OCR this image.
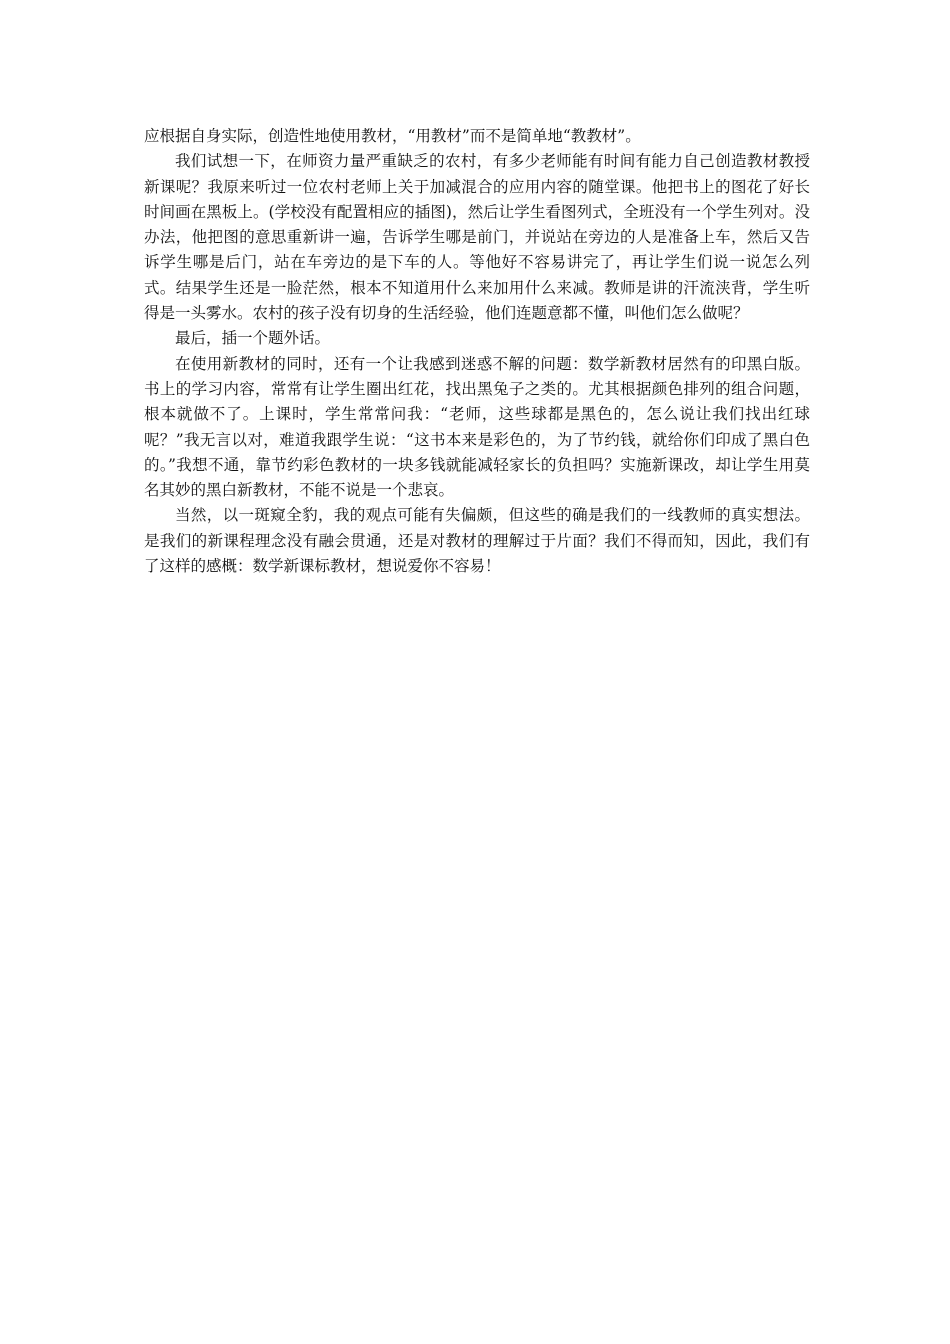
应根据自身实际，创造性地使用教材，“用教材”而不是简单地“教教材”。

我们试想一下，在师资力量严重缺乏的农村，有多少老师能有时间有能力自己创造教材教授新课呢？我原来听过一位农村老师上关于加减混合的应用内容的随堂课。他把书上的图花了好长时间画在黑板上。(学校没有配置相应的插图)，然后让学生看图列式，全班没有一个学生列对。没办法，他把图的意思重新讲一遍，告诉学生哪是前门，并说站在旁边的人是准备上车，然后又告诉学生哪是后门，站在车旁边的是下车的人。等他好不容易讲完了，再让学生们说一说怎么列式。结果学生还是一脸茫然，根本不知道用什么来加用什么来减。教师是讲的汗流浃背，学生听得是一头雾水。农村的孩子没有切身的生活经验，他们连题意都不懂，叫他们怎么做呢？

最后，插一个题外话。

在使用新教材的同时，还有一个让我感到迷惑不解的问题：数学新教材居然有的印黑白版。书上的学习内容，常常有让学生圈出红花，找出黑兔子之类的。尤其根据颜色排列的组合问题，根本就做不了。上课时，学生常常问我：“老师，这些球都是黑色的，怎么说让我们找出红球呢？”我无言以对，难道我跟学生说：“这书本来是彩色的，为了节约钱，就给你们印成了黑白色的。”我想不通，靠节约彩色教材的一块多钱就能减轻家长的负担吗？实施新课改，却让学生用莫名其妙的黑白新教材，不能不说是一个悲哀。

当然，以一斑窥全豹，我的观点可能有失偏颇，但这些的确是我们的一线教师的真实想法。是我们的新课程理念没有融会贯通，还是对教材的理解过于片面？我们不得而知，因此，我们有了这样的感概：数学新课标教材，想说爱你不容易！
